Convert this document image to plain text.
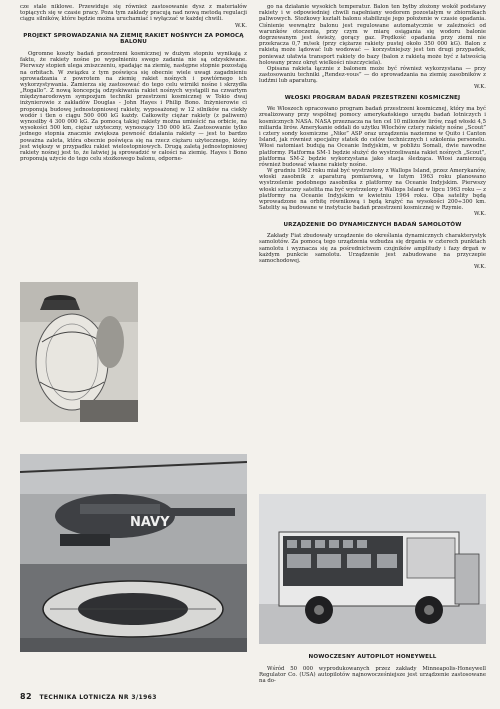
cze stale niklowe. Przewiduje się również zastosowanie dysz z materiałów topiących się w czasie pracy. Poza tym zakłady pracują nad nową metodą regulacji ciągu silników, które będzie można uruchamiać i wyłączać w każdej chwili.

W.K.
PROJEKT SPROWADZANIA NA ZIEMIĘ RAKIET NOŚNYCH ZA POMOCĄ BALONU

Ogromne koszty badań przestrzeni kosmicznej w dużym stopniu wynikają z faktu, że rakiety nośne po wypełnieniu swego zadania nie są odzyskiwane. Pierwszy stopień ulega zniszczeniu, spadając na ziemię, następne stopnie pozostają na orbitach. W związku z tym poświęca się obecnie wiele uwagi zagadnieniu sprowadzania z powrotem na ziemię rakiet nośnych i powtórnego ich wykorzystywania. Zamierza się zastosować do tego celu wirniki nośne i skrzydła „Rogallo”. Z nową koncepcją odzyskiwania rakiet nośnych wystąpili na czwartym międzynarodowym sympozjum techniki przestrzeni kosmicznej w Tokio dwaj inżynierowie z zakładów Douglas - John Hayes i Philip Bono. Inżynierowie ci proponują budowę jednostopniowej rakiety, wyposażonej w 12 silników na ciekły wodór i tlen o ciągu 500 000 kG każdy. Całkowity ciężar rakiety (z paliwem) wynosiłby 4 300 000 kG. Za pomocą takiej rakiety można umieścić na orbicie, na wysokości 500 km, ciężar użyteczny, wynoszący 150 000 kG. Zastosowanie tylko jednego stopnia znacznie zwiększa pewność działania rakiety — jest to bardzo poważna zaleta, która obecnie poświęca się na rzecz ciężaru użytecznego, który jest większy w przypadku rakiet wielostopniowych. Drugą zaletą jednostopniowej rakiety nośnej jest to, że łatwiej ją sprowadzić w całości na ziemię. Hayes i Bono proponują użycie do tego celu stożkowego balonu, odporne-

NAVY

go na działanie wysokich temperatur. Balon ten byłby złożony wokół podstawy rakiety i w odpowiedniej chwili napełniany wodorem pozostałym w zbiornikach paliwowych. Stożkowy kształt balonu stabilizuje jego położenie w czasie opadania. Ciśnienie wewnątrz balonu jest regulowane automatycznie w zależności od warunków otoczenia, przy czym w miarę osiągania się wodoru balonie dogrzewanym jest świeży, gorący gaz. Prędkość opadania przy ziemi nie przekracza 0,7 m/sek (przy ciężarze rakiety pustej około 350 000 kG). Balon z rakietą może lądować lub wodować — korzystniejszy jest ten drugi przypadek, ponieważ ułatwia transport rakiety do bazy (balon z rakietą może być z łatwością holowany przez okręt wielkości niszczyciela).

Opisana rakieta łącznie z balonem może być również wykorzystana — przy zastosowaniu techniki „Rendez-vous” — do sprowadzania na ziemię zasobników z ludźmi lub aparaturą.

W.K.
WŁOSKI PROGRAM BADAŃ PRZESTRZENI KOSMICZNEJ

We Włoszech opracowano program badań przestrzeni kosmicznej, który ma być zrealizowany przy współnej pomocy amerykańskiego urzędu badań lotniczych i kosmicznych NASA. NASA przeznacza na ten cel 10 milionów lirów, rząd włoski 4,5 miliarda lirów. Amerykanie oddali do użytku Włochów cztery rakiety nośne „Scout” i cztery sondy kosmiczne „Nike” ASP oraz urządzenia naziemne w Quito i Canton Island, jak również specjalny statek do celów technicznych i szkolenia personelu. Włosi natomiast budują na Oceanie Indyjskim, w pobliżu Somali, dwie nawodne platformy. Platforma SM-1 będzie służyć do wystrzeliwania rakiet nośnych „Scout”, platforma SM-2 będzie wykorzystana jako stacja śledząca. Włosi zamierzają również budować własne rakiety nośne.

W grudniu 1962 roku miał być wystrzelony z Wallops Island, przez Amerykanów, włoski zasobnik z aparaturą pomiarową, w lutym 1963 roku planowano wystrzelenie podobnego zasobnika z platformy na Oceanie Indyjskim. Pierwszy włoski sztuczny satelita ma być wystrzelony z Wallops Island w lipcu 1963 roku — z platformy na Oceanie Indyjskim w kwietniu 1964 roku. Oba satelity będą wprowadzone na orbitę równikową i będą krążyć na wysokości 200÷300 km. Satelity są budowane w instytucie badań przestrzeni kosmicznej w Rzymie.

W.K.
URZĄDZENIE DO DYNAMICZNYCH BADAŃ SAMOLOTÓW

Zakłady Fiat zbudowały urządzenie do określania dynamicznych charakterystyk samolotów. Za pomocą tego urządzenia wzbudza się drgania w czterech punktach samolotu i wyznacza się za pośrednictwem czujników amplitudy i fazy drgań w każdym punkcie samolotu. Urządzenie jest zabudowane na przyczepie samochodowej.

W.K.
NOWOCZESNY AUTOPILOT HONEYWELL

Wśród 50 000 wyprodukowanych przez zakłady Minneapolis-Honeywell Regulator Co. (USA) autopilotów najnowocześniejsze jest urządzenie zastosowane na do-

82 TECHNIKA LOTNICZA NR 3/1963
